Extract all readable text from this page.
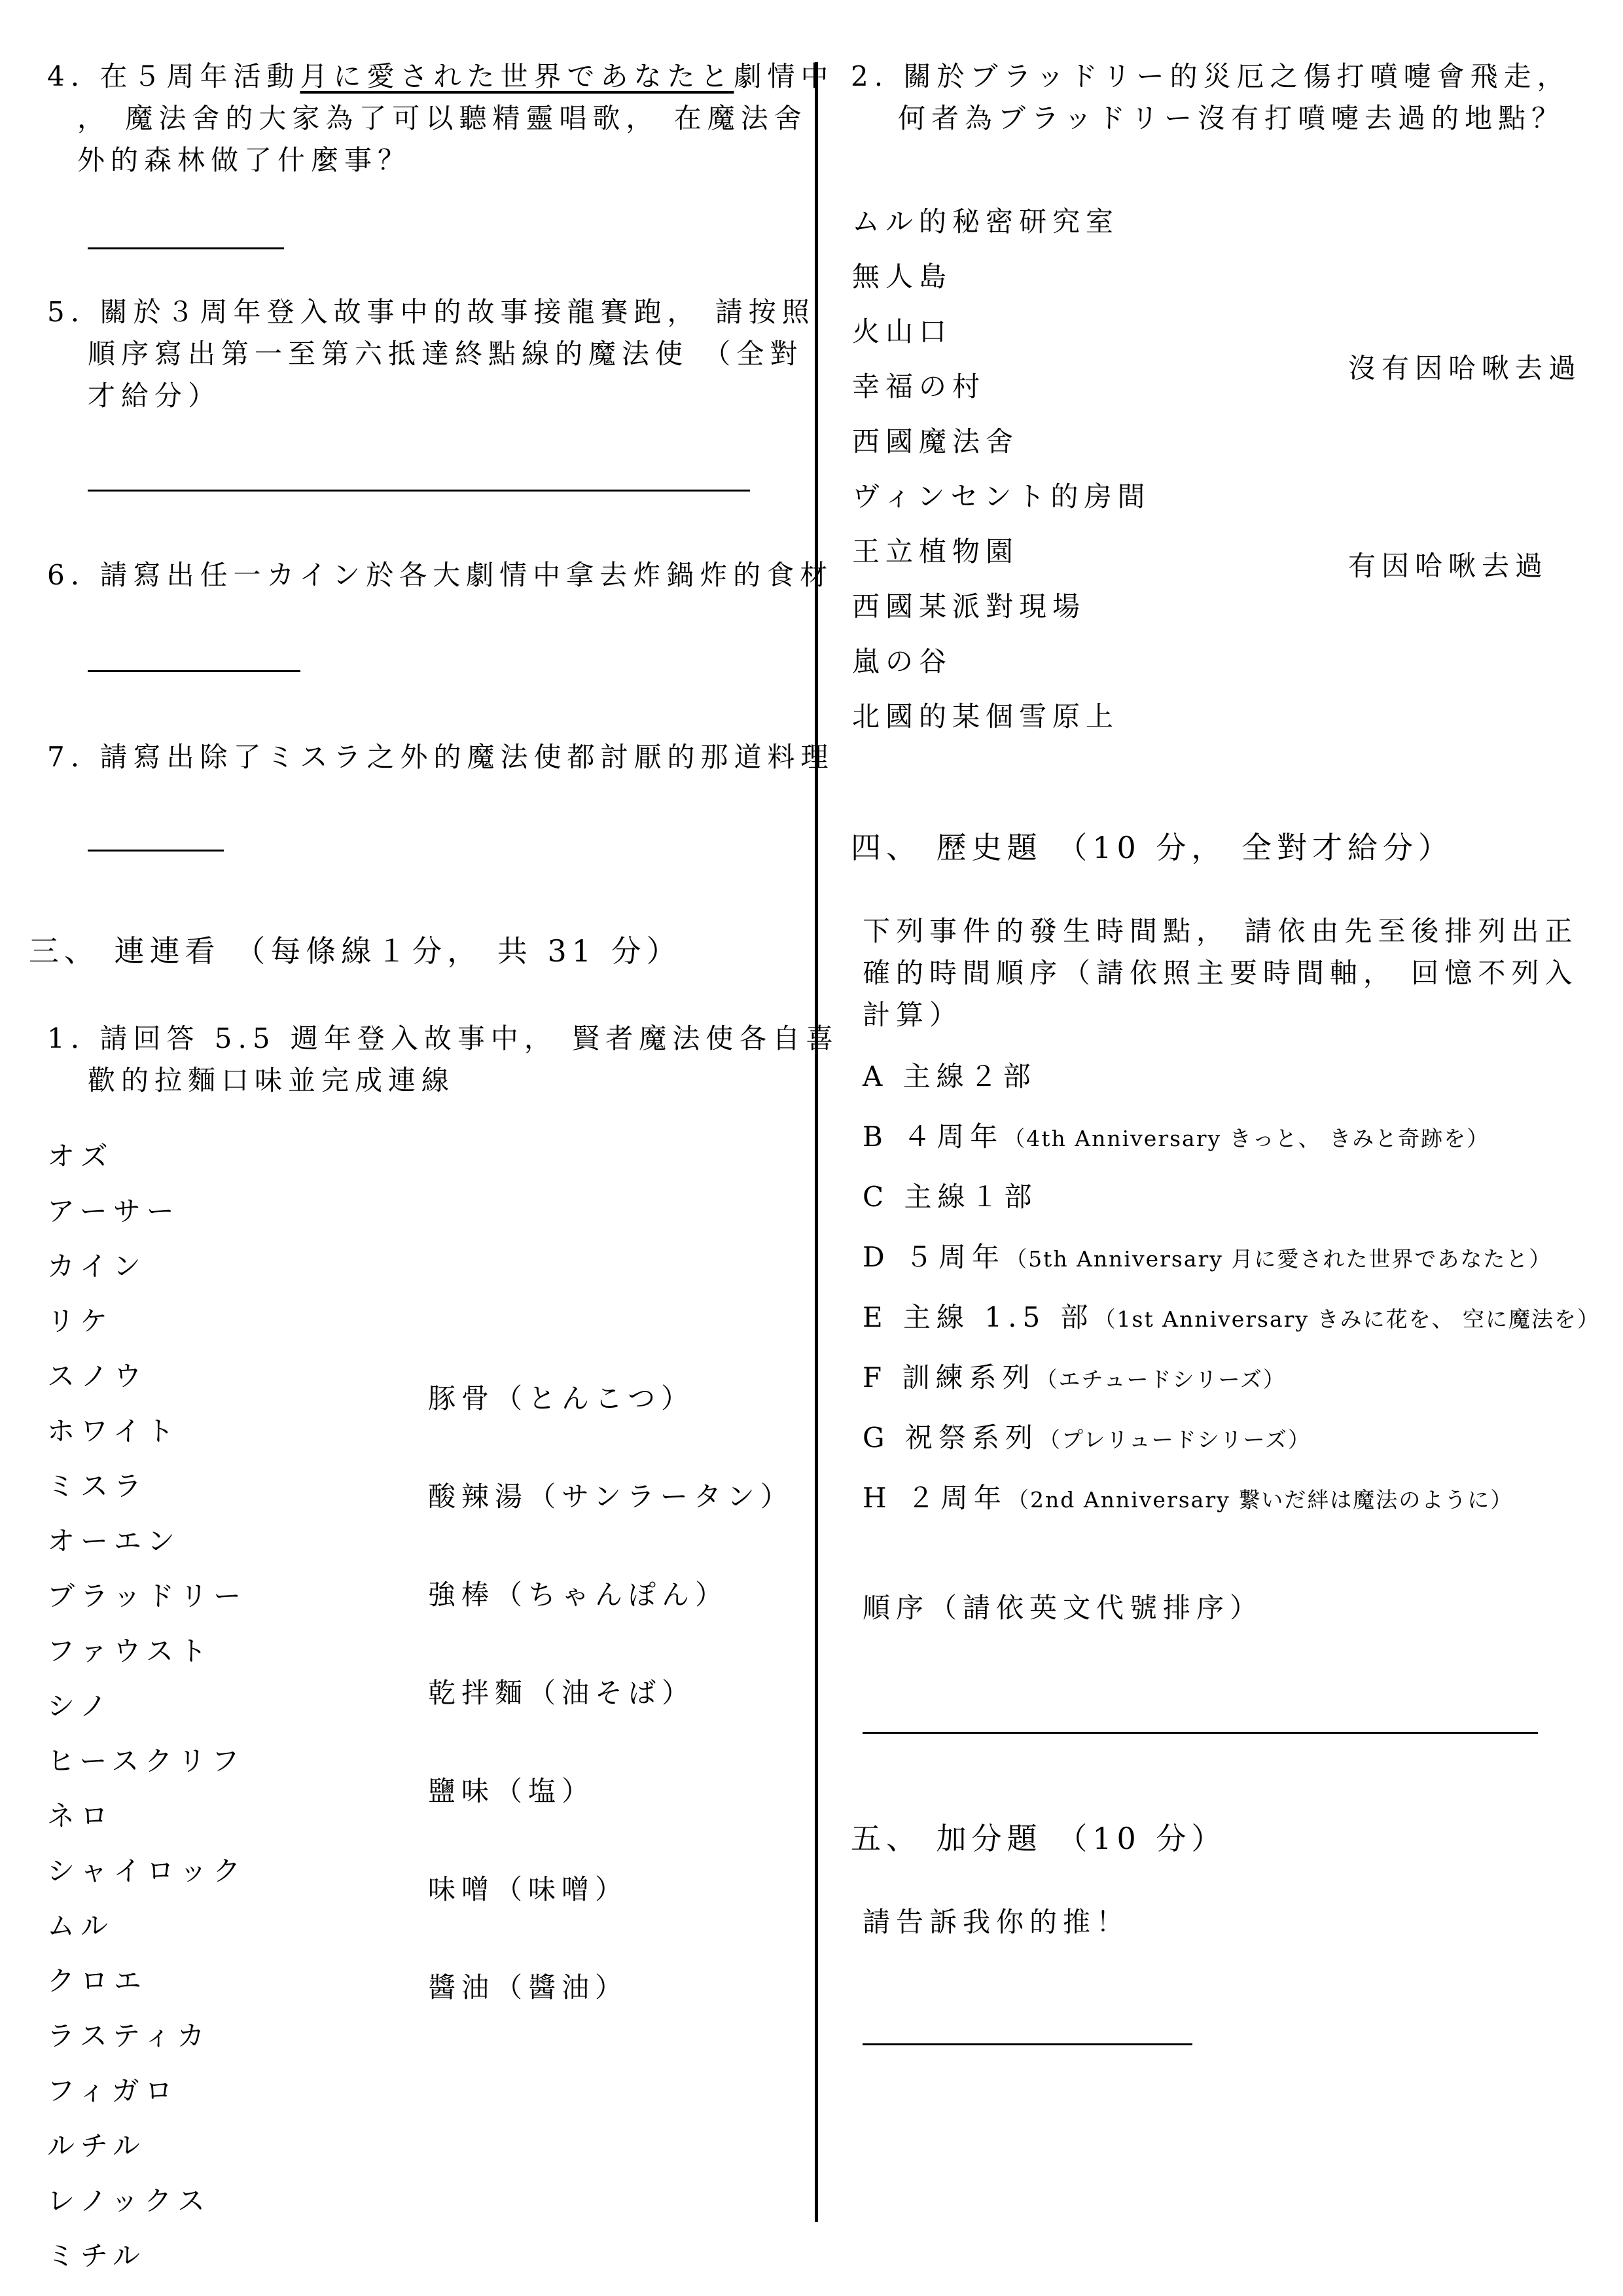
4. 在５周年活動月に愛された世界であなたと劇情中
， 魔法舍的大家為了可以聽精靈唱歌， 在魔法舍
外的森林做了什麼事？
5. 關於３周年登入故事中的故事接龍賽跑， 請按照
順序寫出第一至第六抵達終點線的魔法使 （全對
才給分）
6. 請寫出任一カイン於各大劇情中拿去炸鍋炸的食材
7. 請寫出除了ミスラ之外的魔法使都討厭的那道料理
三、 連連看 （每條線１分， 共 31 分）
1. 請回答 5.5 週年登入故事中， 賢者魔法使各自喜
歡的拉麵口味並完成連線
オズ
アーサー
カイン
リケ
スノウ
ホワイト
ミスラ
オーエン
ブラッドリー
ファウスト
シノ
ヒースクリフ
ネロ
シャイロック
ムル
クロエ
ラスティカ
フィガロ
ルチル
レノックス
ミチル
豚骨（とんこつ）
酸辣湯（サンラータン）
強棒（ちゃんぽん）
乾拌麵（油そば）
鹽味（塩）
味噌（味噌）
醬油（醬油）
2. 關於ブラッドリー的災厄之傷打噴嚏會飛走，
何者為ブラッドリー沒有打噴嚏去過的地點？
ムル的秘密研究室
無人島
火山口
幸福の村
西國魔法舍
ヴィンセント的房間
王立植物園
西國某派對現場
嵐の谷
北國的某個雪原上
沒有因哈啾去過
有因哈啾去過
四、 歷史題 （10 分， 全對才給分）
下列事件的發生時間點， 請依由先至後排列出正
確的時間順序（請依照主要時間軸， 回憶不列入
計算）
A 主線２部
B ４周年（4th Anniversary きっと、 きみと奇跡を）
C 主線１部
D ５周年（5th Anniversary 月に愛された世界であなたと）
E 主線 1.5 部（1st Anniversary きみに花を、 空に魔法を）
F 訓練系列（エチュードシリーズ）
G 祝祭系列（プレリュードシリーズ）
H ２周年（2nd Anniversary 繋いだ絆は魔法のように）
順序（請依英文代號排序）
五、 加分題 （10 分）
請告訴我你的推！
